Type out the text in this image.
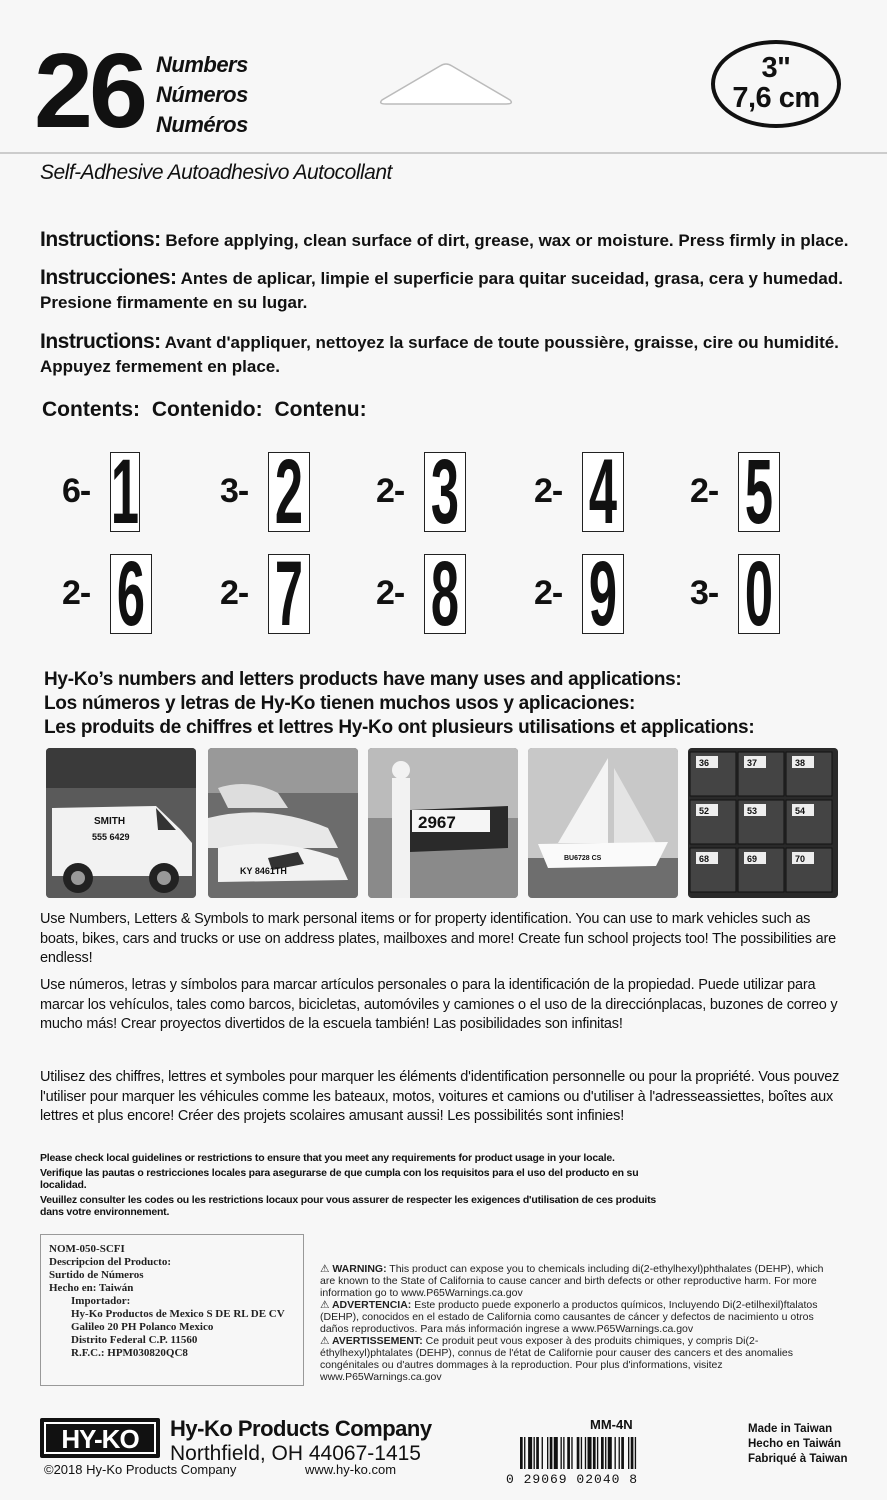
26 Numbers
Números
Numéros
3"
7,6 cm
Self-Adhesive Autoadhesivo Autocollant
Instructions: Before applying, clean surface of dirt, grease, wax or moisture. Press firmly in place.
Instrucciones: Antes de aplicar, limpie el superficie para quitar suceidad, grasa, cera y humedad. Presione firmamente en su lugar.
Instructions: Avant d'appliquer, nettoyez la surface de toute poussière, graisse, cire ou humidité. Appuyez fermement en place.
Contents: Contenido: Contenu:
6- 1 3- 2 2- 3 2- 4 2- 5
2- 6 2- 7 2- 8 2- 9 3- 0
Hy-Ko’s numbers and letters products have many uses and applications:
Los números y letras de Hy-Ko tienen muchos usos y aplicaciones:
Les produits de chiffres et lettres Hy-Ko ont plusieurs utilisations et applications:
SMITH
555 6429
KY 8461TH
2967
BU6728 CS
36	37	38
52	53	54
68	69	70
Use Numbers, Letters & Symbols to mark personal items or for property identification. You can use to mark vehicles such as boats, bikes, cars and trucks or use on address plates, mailboxes and more! Create fun school projects too! The possibilities are endless!
Use números, letras y símbolos para marcar artículos personales o para la identificación de la propiedad. Puede utilizar para marcar los vehículos, tales como barcos, bicicletas, automóviles y camiones o el uso de la direcciónplacas, buzones de correo y mucho más! Crear proyectos divertidos de la escuela también! Las posibilidades son infinitas!
Utilisez des chiffres, lettres et symboles pour marquer les éléments d'identification personnelle ou pour la propriété. Vous pouvez l'utiliser pour marquer les véhicules comme les bateaux, motos, voitures et camions ou d'utiliser à l'adresseassiettes, boîtes aux lettres et plus encore! Créer des projets scolaires amusant aussi! Les possibilités sont infinies!
Please check local guidelines or restrictions to ensure that you meet any requirements for product usage in your locale.
Verifique las pautas o restricciones locales para asegurarse de que cumpla con los requisitos para el uso del producto en su localidad.
Veuillez consulter les codes ou les restrictions locaux pour vous assurer de respecter les exigences d'utilisation de ces produits dans votre environnement.
NOM-050-SCFI
Descripcion del Producto:
Surtido de Números
Hecho en: Taiwán
Importador:
Hy-Ko Productos de Mexico S DE RL DE CV
Galileo 20 PH Polanco Mexico
Distrito Federal C.P. 11560
R.F.C.: HPM030820QC8
⚠ WARNING: This product can expose you to chemicals including di(2-ethylhexyl)phthalates (DEHP), which are known to the State of California to cause cancer and birth defects or other reproductive harm. For more information go to www.P65Warnings.ca.gov
⚠ ADVERTENCIA: Este producto puede exponerlo a productos químicos, Incluyendo Di(2-etilhexil)ftalatos (DEHP), conocidos en el estado de California como causantes de cáncer y defectos de nacimiento u otros daños reproductivos. Para más información ingrese a www.P65Warnings.ca.gov
⚠ AVERTISSEMENT: Ce produit peut vous exposer à des produits chimiques, y compris Di(2-éthylhexyl)phtalates (DEHP), connus de l'état de Californie pour causer des cancers et des anomalies congénitales ou d'autres dommages à la reproduction. Pour plus d'informations, visitez www.P65Warnings.ca.gov
HY-KO	Hy-Ko Products Company
Northfield, OH 44067-1415
©2018 Hy-Ko Products Company	www.hy-ko.com
MM-4N
0 29069 02040 8
Made in Taiwan
Hecho en Taiwán
Fabriqué à Taiwan
